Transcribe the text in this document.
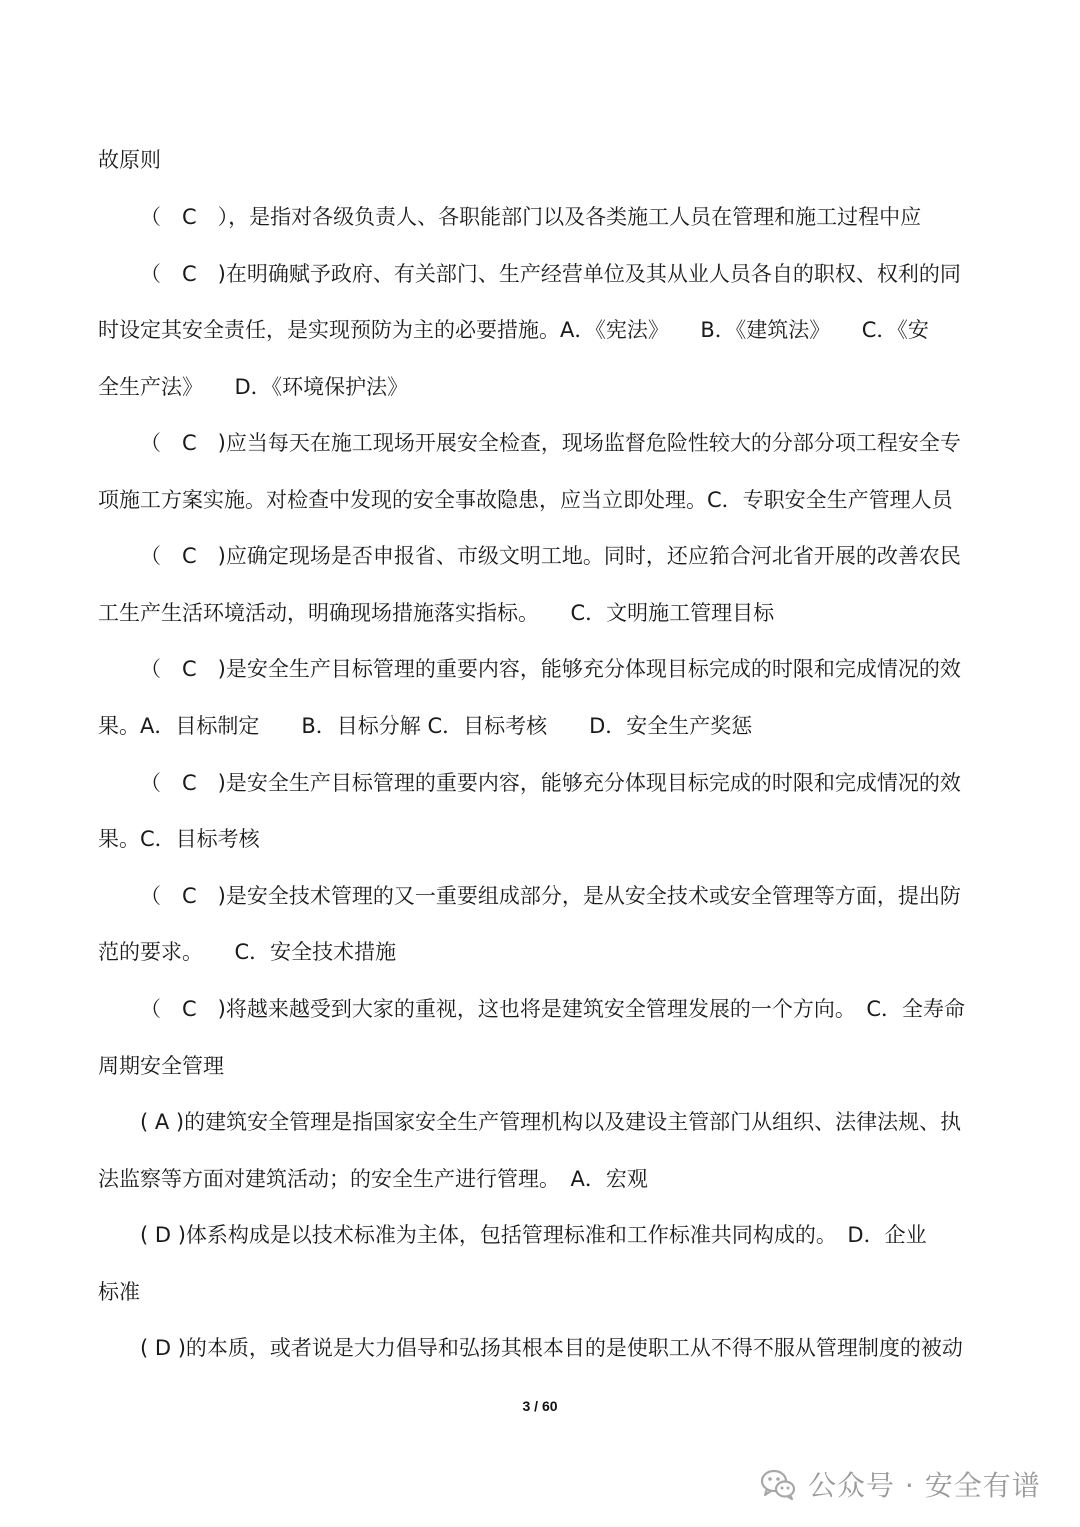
故原则
（　C　），是指对各级负责人、各职能部门以及各类施工人员在管理和施工过程中应
（　C　)在明确赋予政府、有关部门、生产经营单位及其从业人员各自的职权、权利的同
时设定其安全责任，是实现预防为主的必要措施。A．《宪法》　　B．《建筑法》　　C．《安
全生产法》　　D．《环境保护法》
（　C　)应当每天在施工现场开展安全检查，现场监督危险性较大的分部分项工程安全专
项施工方案实施。对检查中发现的安全事故隐患，应当立即处理。C．专职安全生产管理人员
（　C　)应确定现场是否申报省、市级文明工地。同时，还应筘合河北省开展的改善农民
工生产生活环境活动，明确现场措施落实指标。　　C．文明施工管理目标
（　C　)是安全生产目标管理的重要内容，能够充分体现目标完成的时限和完成情况的效
果。A．目标制定　　B．目标分解 C．目标考核　　D．安全生产奖惩
（　C　)是安全生产目标管理的重要内容，能够充分体现目标完成的时限和完成情况的效
果。C．目标考核
（　C　)是安全技术管理的又一重要组成部分，是从安全技术或安全管理等方面，提出防
范的要求。　　C．安全技术措施
（　C　)将越来越受到大家的重视，这也将是建筑安全管理发展的一个方向。　C．全寿命
周期安全管理
( A )的建筑安全管理是指国家安全生产管理机构以及建设主管部门从组织、法律法规、执
法监察等方面对建筑活动；的安全生产进行管理。　A．宏观
( D )体系构成是以技术标准为主体，包括管理标准和工作标准共同构成的。　D．企业
标准
( D )的本质，或者说是大力倡导和弘扬其根本目的是使职工从不得不服从管理制度的被动
3 / 60
公众号 · 安全有谱
